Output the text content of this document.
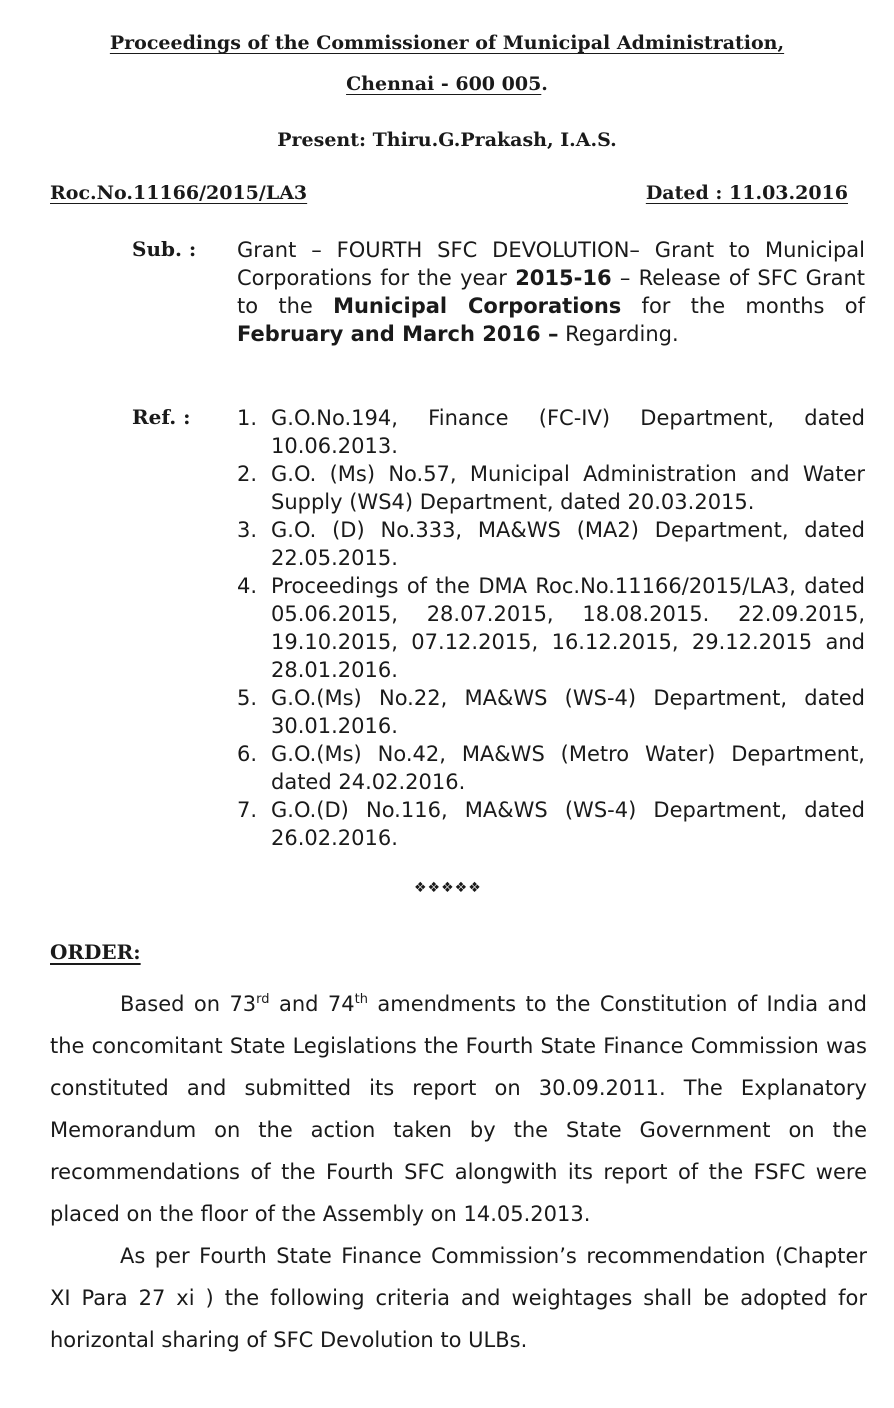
Proceedings of the Commissioner of Municipal Administration,
Chennai - 600 005.
Present: Thiru.G.Prakash, I.A.S.
Roc.No.11166/2015/LA3	Dated : 11.03.2016
Sub. : Grant – FOURTH SFC DEVOLUTION– Grant to Municipal Corporations for the year 2015-16 – Release of SFC Grant to the Municipal Corporations for the months of February and March 2016 – Regarding.
Ref. : 1. G.O.No.194, Finance (FC-IV) Department, dated 10.06.2013.
2. G.O. (Ms) No.57, Municipal Administration and Water Supply (WS4) Department, dated 20.03.2015.
3. G.O. (D) No.333, MA&WS (MA2) Department, dated 22.05.2015.
4. Proceedings of the DMA Roc.No.11166/2015/LA3, dated 05.06.2015, 28.07.2015, 18.08.2015. 22.09.2015, 19.10.2015, 07.12.2015, 16.12.2015, 29.12.2015 and 28.01.2016.
5. G.O.(Ms) No.22, MA&WS (WS-4) Department, dated 30.01.2016.
6. G.O.(Ms) No.42, MA&WS (Metro Water) Department, dated 24.02.2016.
7. G.O.(D) No.116, MA&WS (WS-4) Department, dated 26.02.2016.
❖❖❖❖❖
ORDER:

Based on 73rd and 74th amendments to the Constitution of India and the concomitant State Legislations the Fourth State Finance Commission was constituted and submitted its report on 30.09.2011. The Explanatory Memorandum on the action taken by the State Government on the recommendations of the Fourth SFC alongwith its report of the FSFC were placed on the floor of the Assembly on 14.05.2013.

As per Fourth State Finance Commission’s recommendation (Chapter XI Para 27 xi ) the following criteria and weightages shall be adopted for horizontal sharing of SFC Devolution to ULBs.
